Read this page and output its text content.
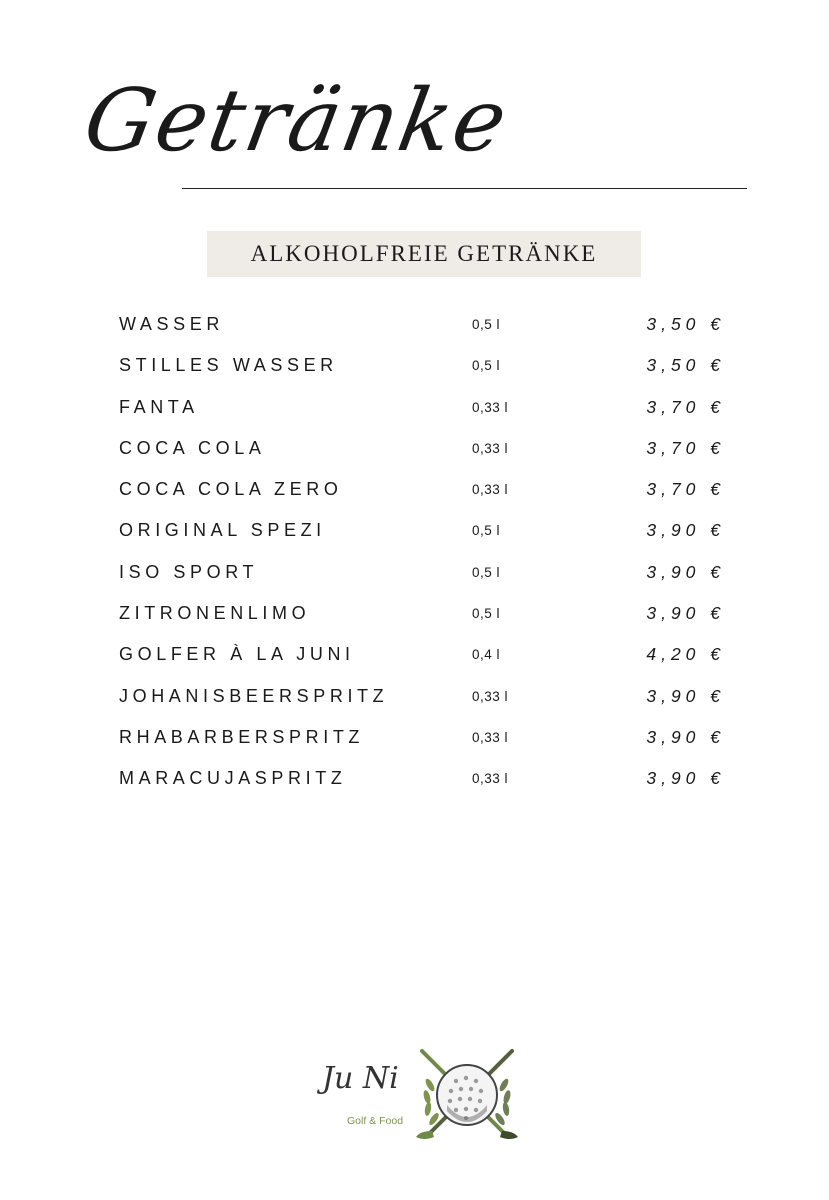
Getränke
ALKOHOLFREIE GETRÄNKE
WASSER	0,5 l	3,50 €
STILLES WASSER	0,5 l	3,50 €
FANTA	0,33 l	3,70 €
COCA COLA	0,33 l	3,70 €
COCA COLA ZERO	0,33 l	3,70 €
ORIGINAL SPEZI	0,5 l	3,90 €
ISO SPORT	0,5 l	3,90 €
ZITRONENLIMO	0,5 l	3,90 €
GOLFER À LA JUNI	0,4 l	4,20 €
JOHANISBEERSPRITZ	0,33 l	3,90 €
RHABARBERSPRITZ	0,33 l	3,90 €
MARACUJASPRITZ	0,33 l	3,90 €
Ju Ni
Golf & Food
